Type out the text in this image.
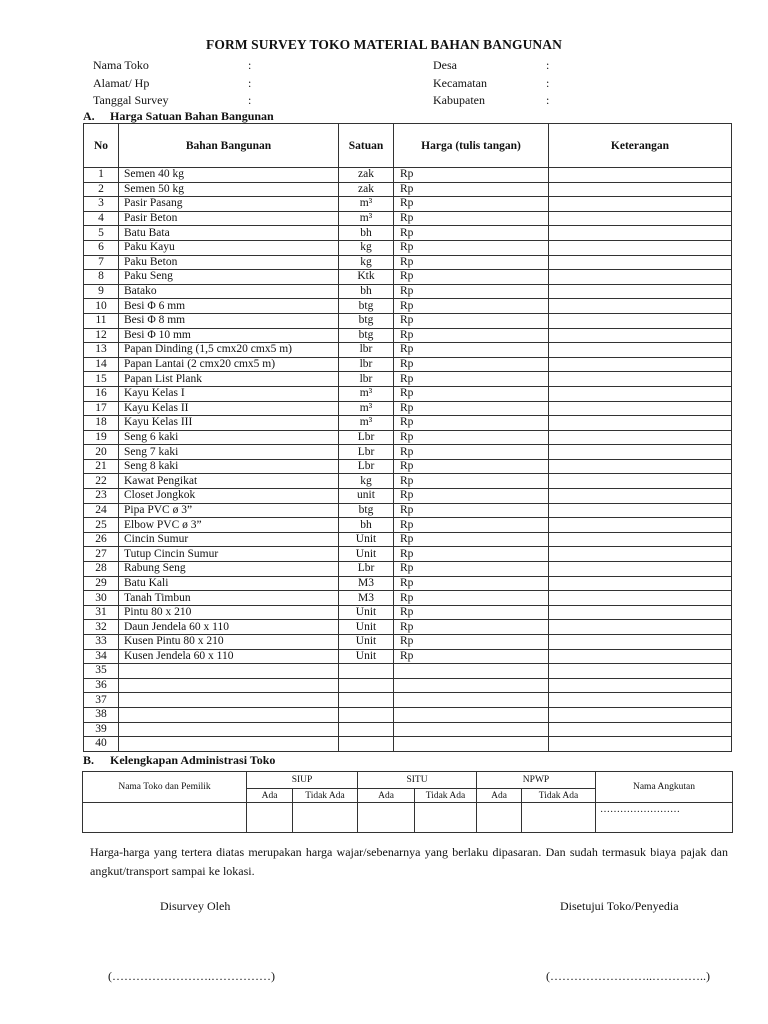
FORM SURVEY TOKO MATERIAL BAHAN BANGUNAN
Nama Toko	:
Alamat/ Hp	:
Tanggal Survey	:
Desa	:
Kecamatan	:
Kabupaten	:
A. Harga Satuan Bahan Bangunan
No	Bahan Bangunan	Satuan	Harga (tulis tangan)	Keterangan
1	Semen 40 kg	zak	Rp	
2	Semen 50 kg	zak	Rp	
3	Pasir Pasang	m³	Rp	
4	Pasir Beton	m³	Rp	
5	Batu Bata	bh	Rp	
6	Paku Kayu	kg	Rp	
7	Paku Beton	kg	Rp	
8	Paku Seng	Ktk	Rp	
9	Batako	bh	Rp	
10	Besi Φ 6 mm	btg	Rp	
11	Besi Φ 8 mm	btg	Rp	
12	Besi Φ 10 mm	btg	Rp	
13	Papan Dinding (1,5 cmx20 cmx5 m)	lbr	Rp	
14	Papan Lantai (2 cmx20 cmx5 m)	lbr	Rp	
15	Papan List Plank	lbr	Rp	
16	Kayu Kelas I	m³	Rp	
17	Kayu Kelas II	m³	Rp	
18	Kayu Kelas III	m³	Rp	
19	Seng 6 kaki	Lbr	Rp	
20	Seng 7 kaki	Lbr	Rp	
21	Seng 8 kaki	Lbr	Rp	
22	Kawat Pengikat	kg	Rp	
23	Closet Jongkok	unit	Rp	
24	Pipa PVC ø 3”	btg	Rp	
25	Elbow PVC ø 3”	bh	Rp	
26	Cincin Sumur	Unit	Rp	
27	Tutup Cincin Sumur	Unit	Rp	
28	Rabung Seng	Lbr	Rp	
29	Batu Kali	M3	Rp	
30	Tanah Timbun	M3	Rp	
31	Pintu 80 x 210	Unit	Rp	
32	Daun Jendela 60 x 110	Unit	Rp	
33	Kusen Pintu 80 x 210	Unit	Rp	
34	Kusen Jendela 60 x 110	Unit	Rp	
35				
36				
37				
38				
39				
40				
B. Kelengkapan Administrasi Toko
Nama Toko dan Pemilik	SIUP		SITU		NPWP		Nama Angkutan
	Ada	Tidak Ada	Ada	Tidak Ada	Ada	Tidak Ada	
							……………………
Harga-harga yang tertera diatas merupakan harga wajar/sebenarnya yang berlaku dipasaran. Dan sudah termasuk biaya pajak dan angkut/transport sampai ke lokasi.
Disurvey Oleh	Disetujui Toko/Penyedia
(…………………….……………)	(……………………..…………..)
